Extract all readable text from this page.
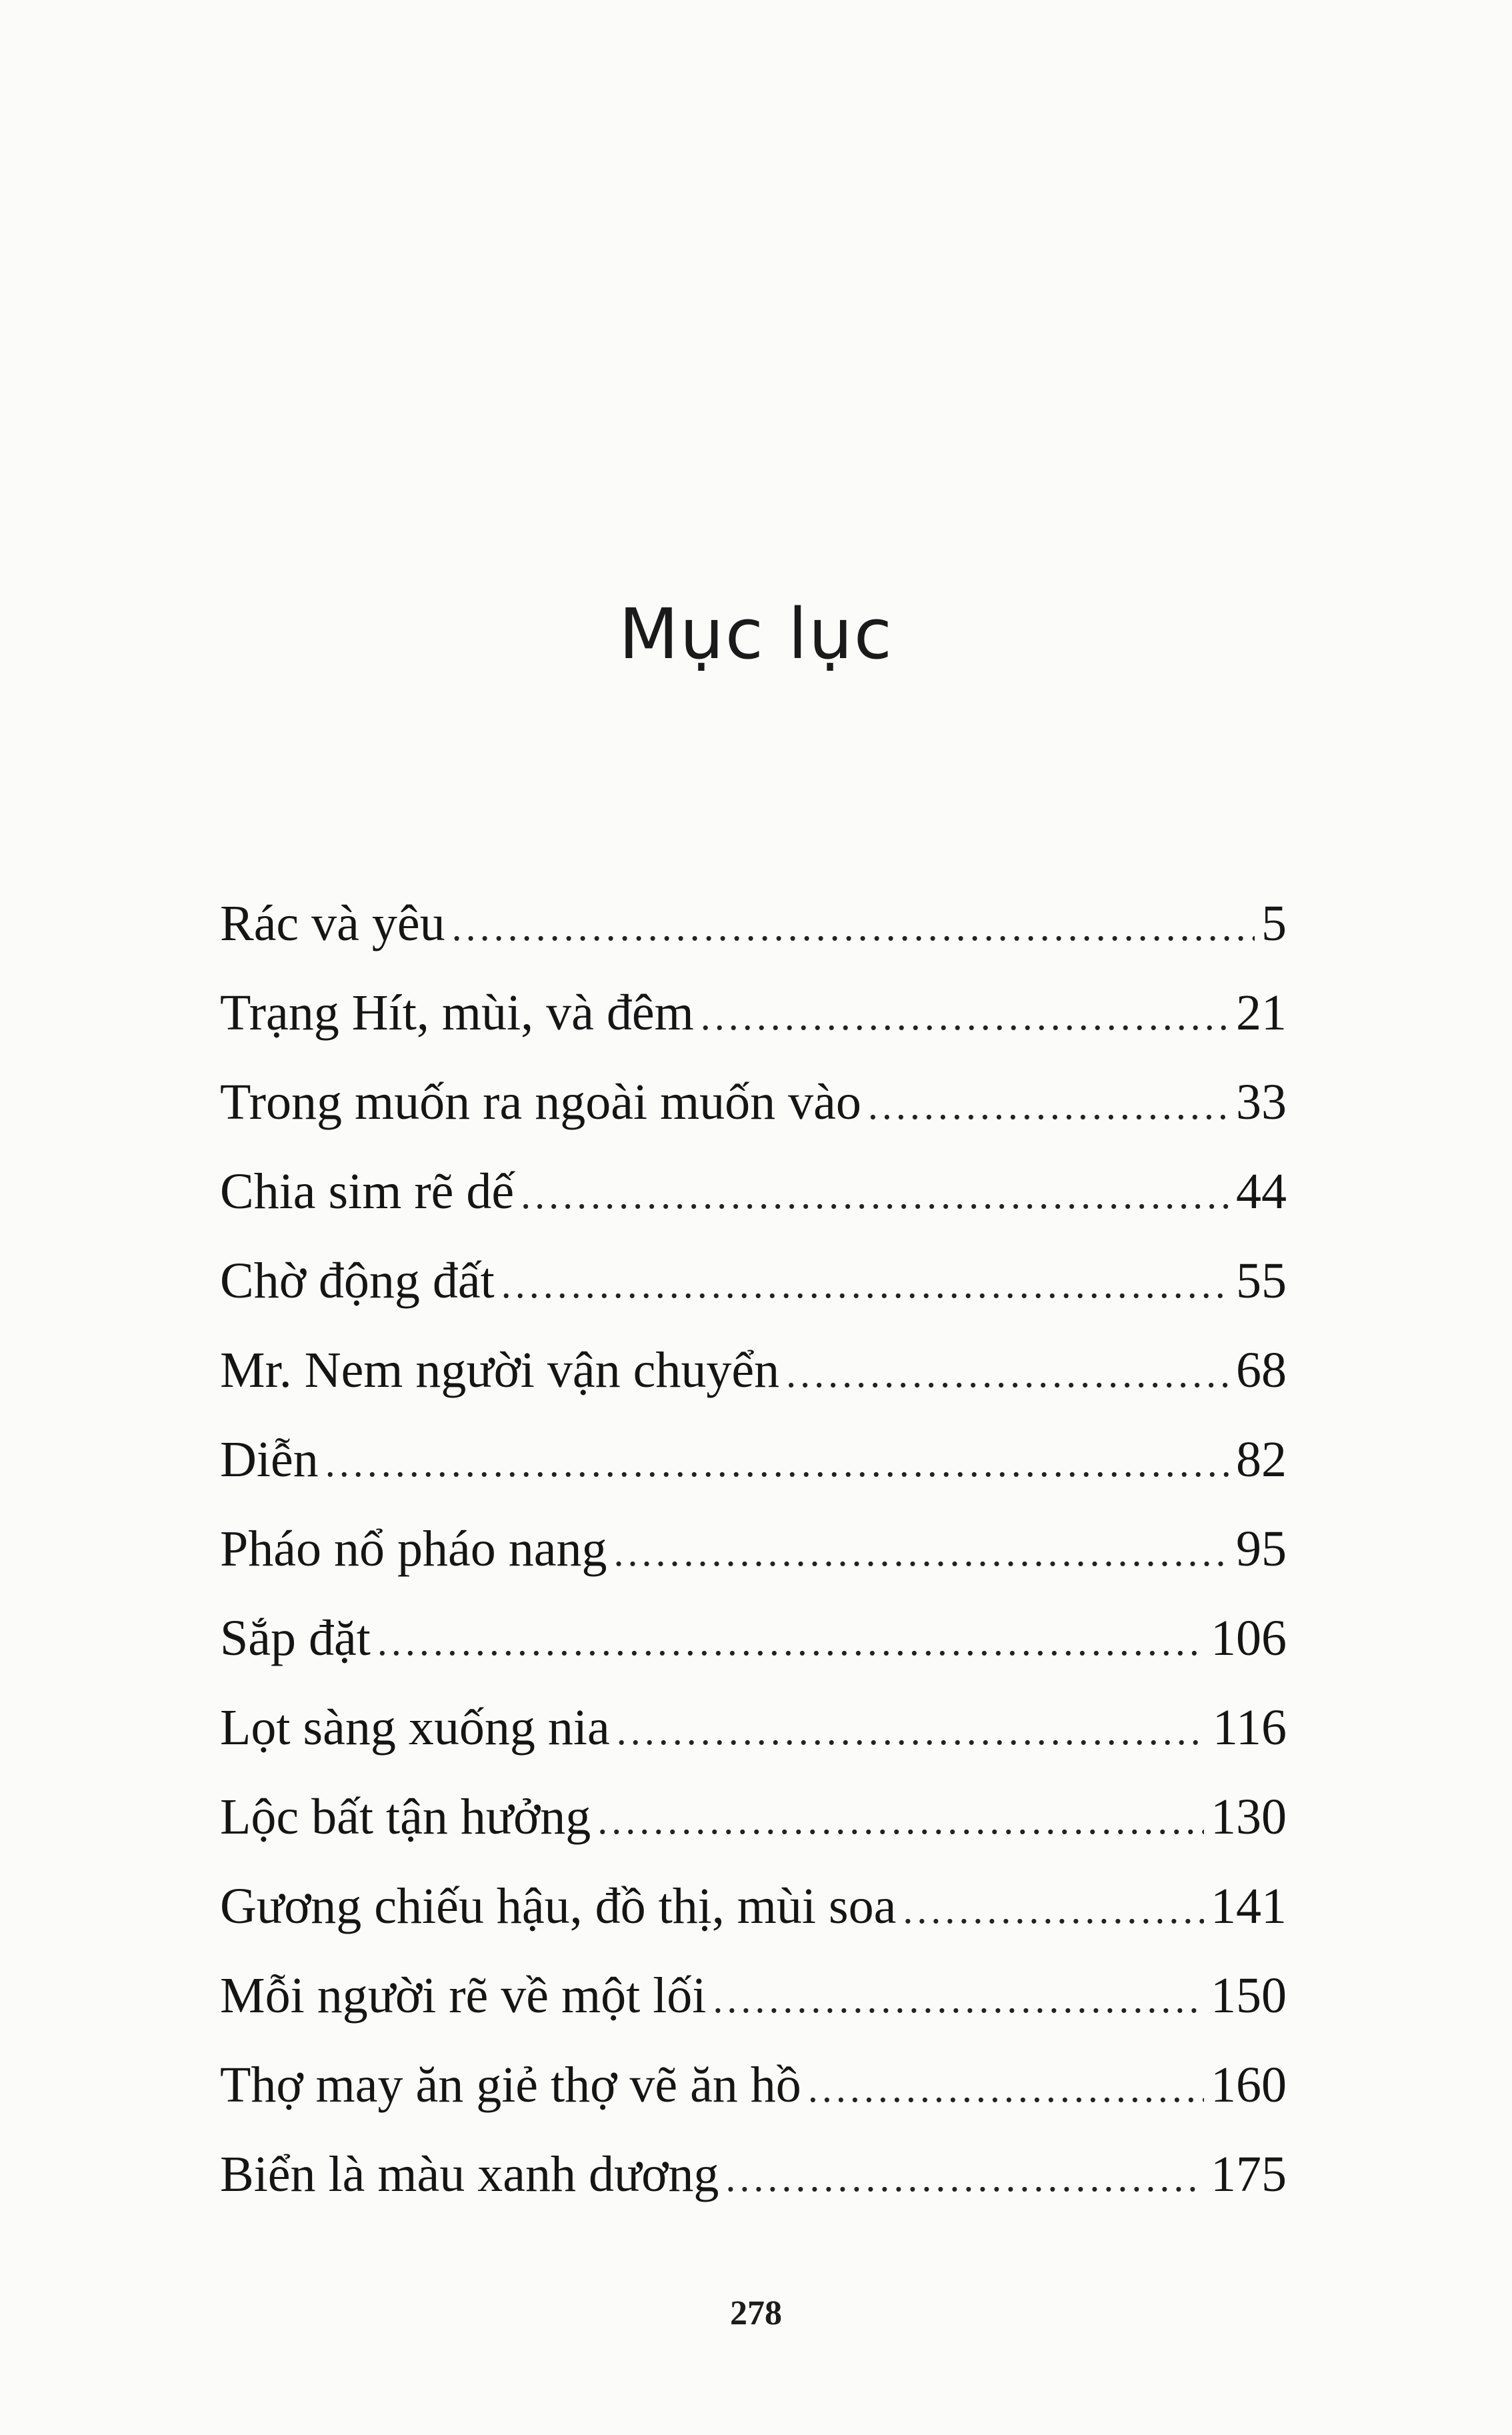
Mục lục
Rác và yêu .....	5
Trạng Hít, mùi, và đêm .....	21
Trong muốn ra ngoài muốn vào .....	33
Chia sim rẽ dế .....	44
Chờ động đất .....	55
Mr. Nem người vận chuyển .....	68
Diễn .....	82
Pháo nổ pháo nang .....	95
Sắp đặt .....	106
Lọt sàng xuống nia .....	116
Lộc bất tận hưởng .....	130
Gương chiếu hậu, đồ thị, mùi soa .....	141
Mỗi người rẽ về một lối .....	150
Thợ may ăn giẻ thợ vẽ ăn hồ .....	160
Biển là màu xanh dương .....	175
278
